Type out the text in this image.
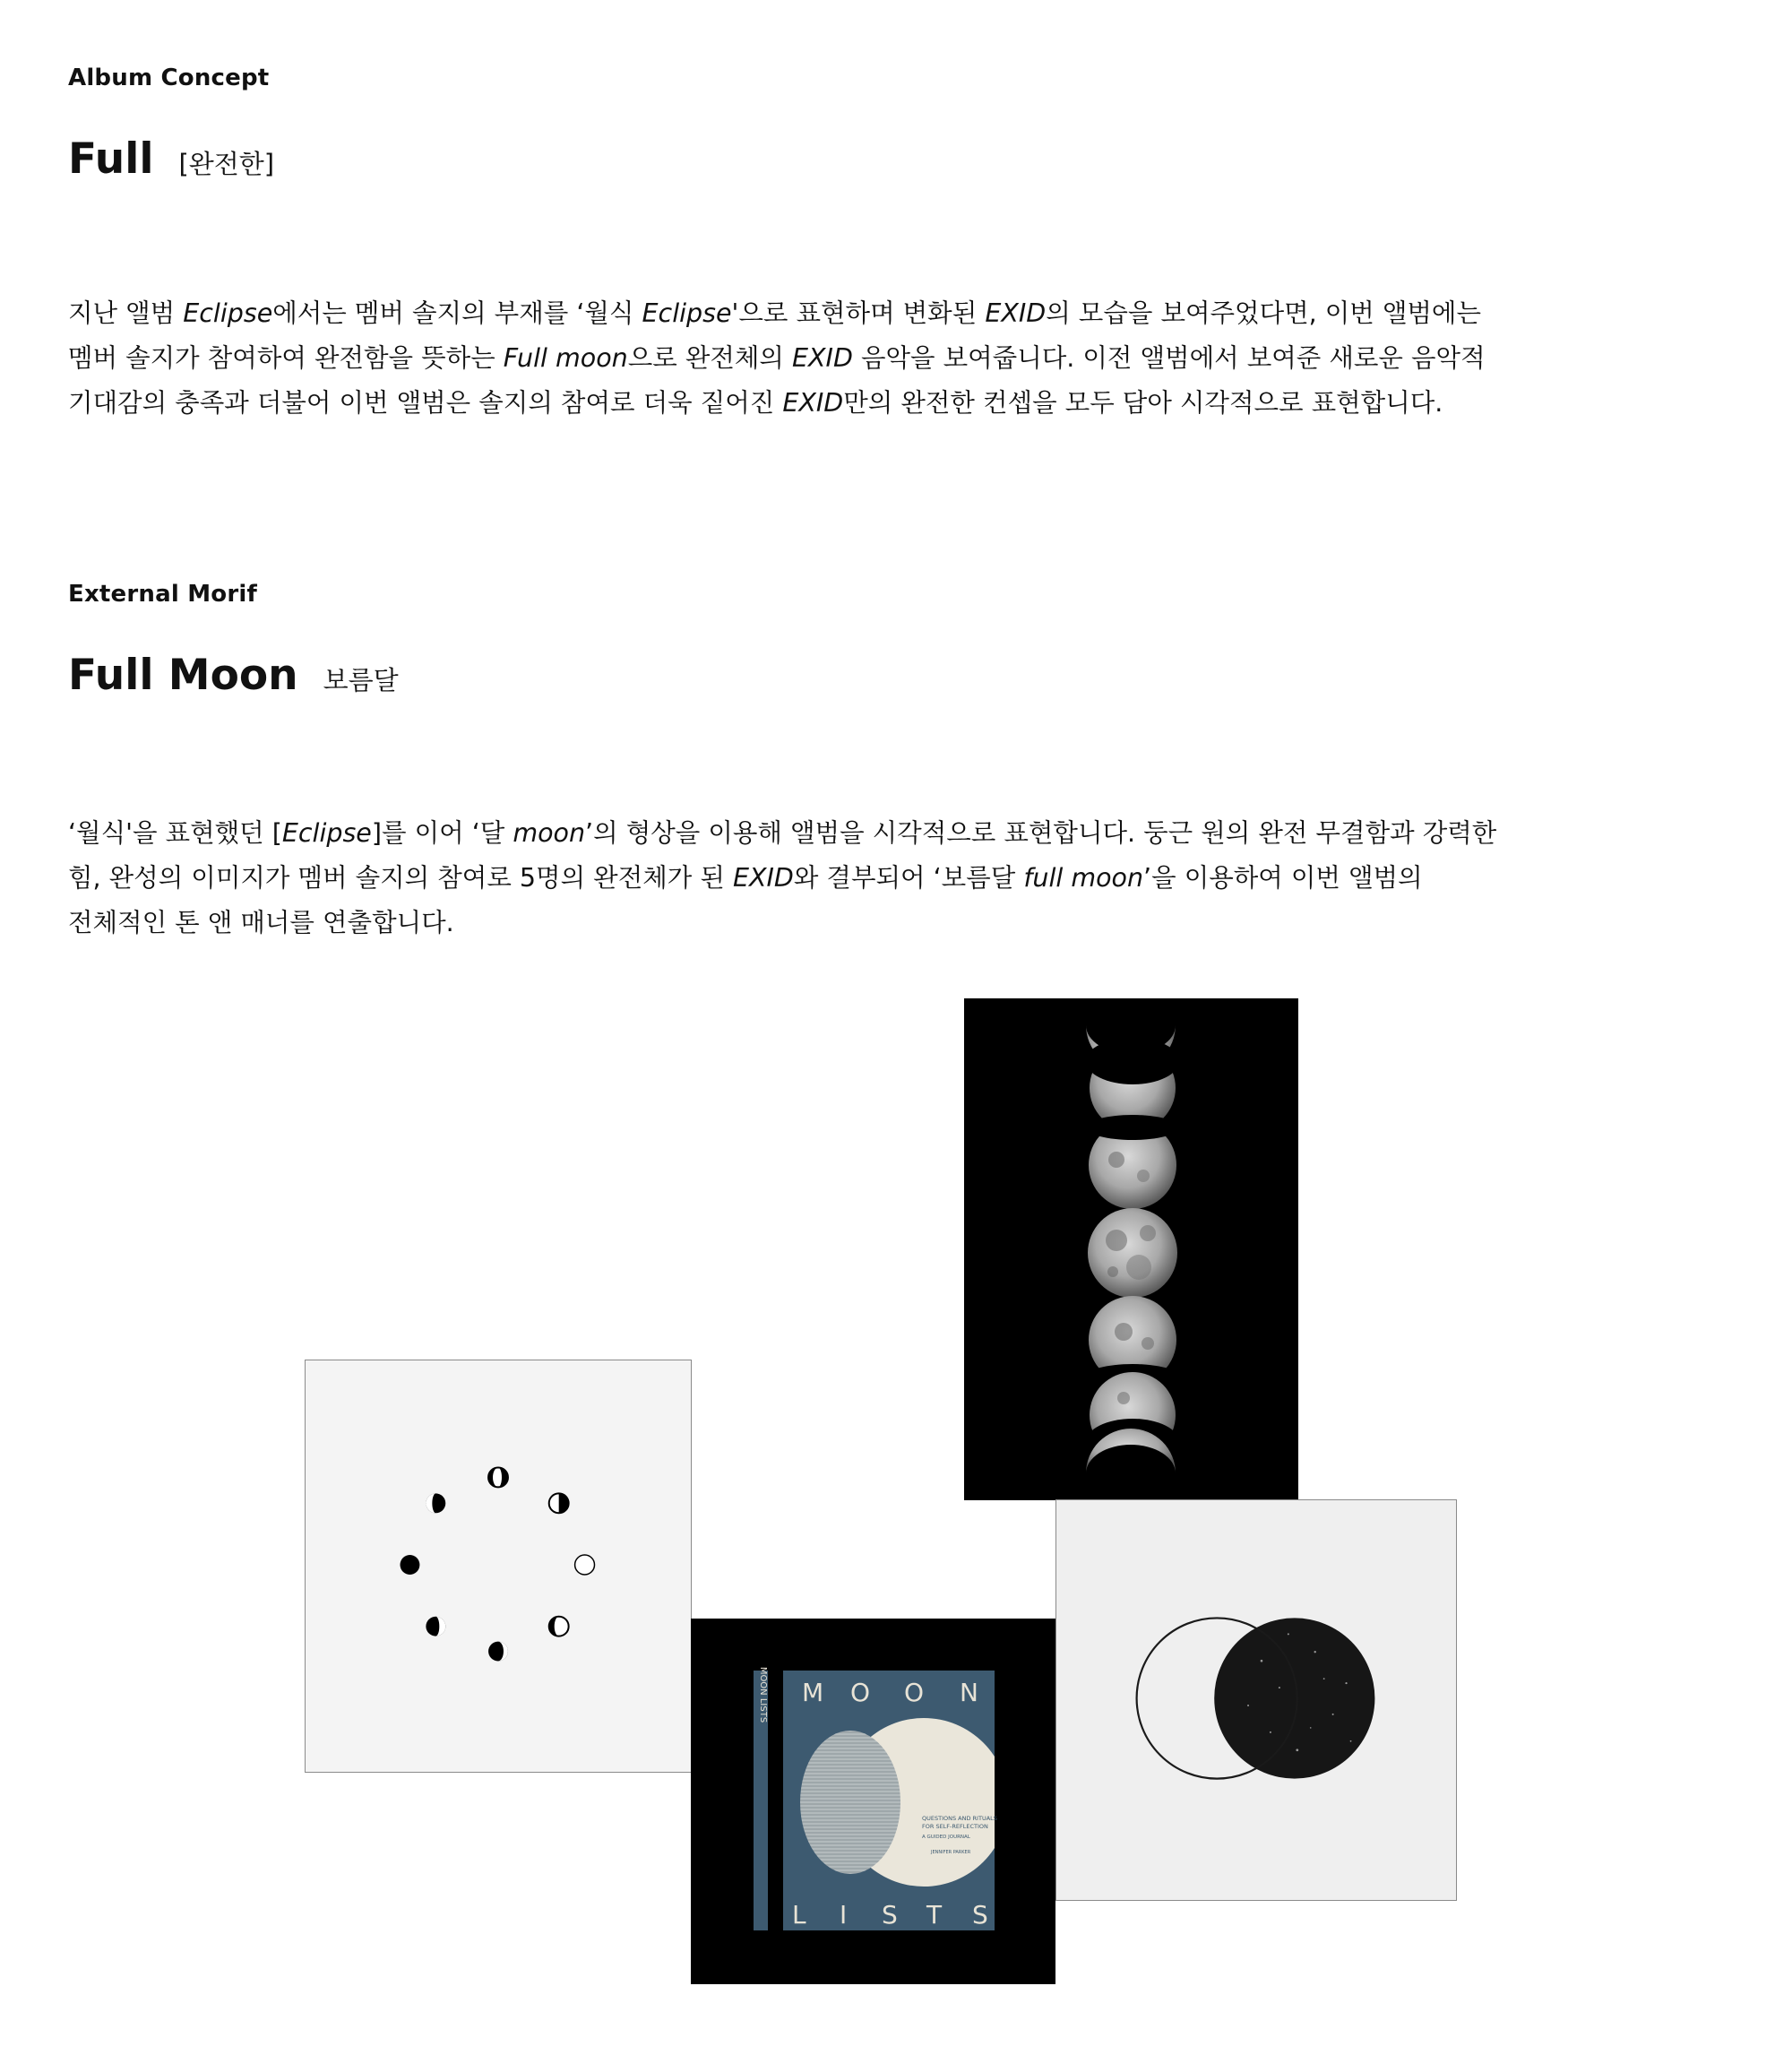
Album Concept
Full [완전한]
지난 앨범 Eclipse에서는 멤버 솔지의 부재를 ‘월식 Eclipse'으로 표현하며 변화된 EXID의 모습을 보여주었다면, 이번 앨범에는
멤버 솔지가 참여하여 완전함을 뜻하는 Full moon으로 완전체의 EXID 음악을 보여줍니다. 이전 앨범에서 보여준 새로운 음악적
기대감의 충족과 더불어 이번 앨범은 솔지의 참여로 더욱 짙어진 EXID만의 완전한 컨셉을 모두 담아 시각적으로 표현합니다.
External Morif
Full Moon 보름달
‘월식'을 표현했던 [Eclipse]를 이어 ‘달 moon’의 형상을 이용해 앨범을 시각적으로 표현합니다. 둥근 원의 완전 무결함과 강력한
힘, 완성의 이미지가 멤버 솔지의 참여로 5명의 완전체가 된 EXID와 결부되어 ‘보름달 full moon’을 이용하여 이번 앨범의
전체적인 톤 앤 매너를 연출합니다.
MOON LISTS M O O N
L I S T S
QUESTIONS AND RITUALS
FOR SELF-REFLECTION
A GUIDED JOURNAL
JENNIFER PARKER
